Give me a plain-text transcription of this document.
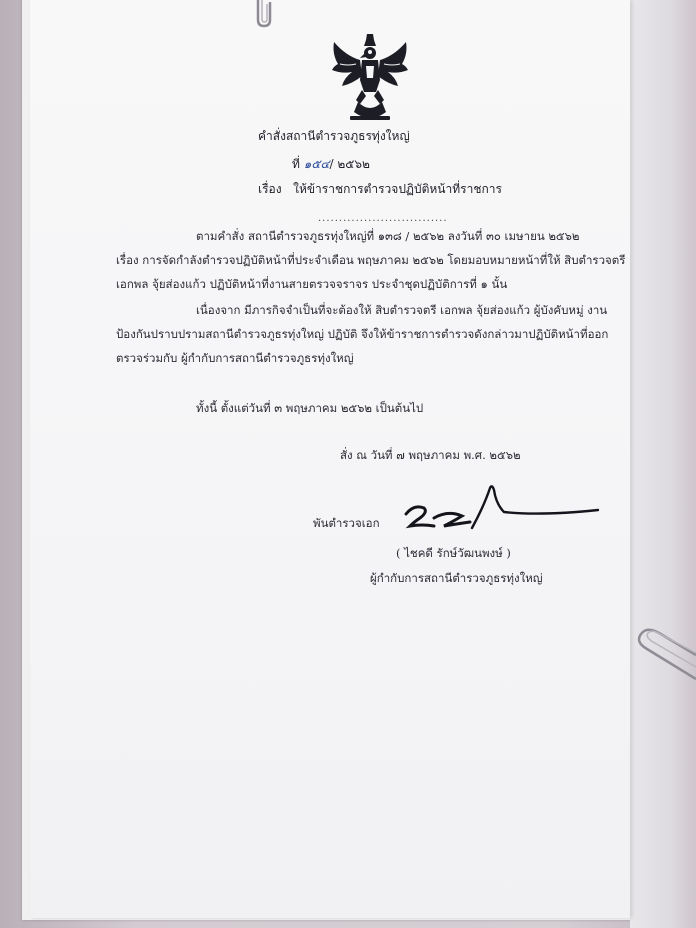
คำสั่งสถานีตำรวจภูธรทุ่งใหญ่
ที่ ๑๕๔/ ๒๕๖๒
เรื่อง ให้ข้าราชการตำรวจปฏิบัติหน้าที่ราชการ
...............................
ตามคำสั่ง สถานีตำรวจภูธรทุ่งใหญ่ที่ ๑๓๘ / ๒๕๖๒ ลงวันที่ ๓๐ เมษายน ๒๕๖๒
เรื่อง การจัดกำลังตำรวจปฏิบัติหน้าที่ประจำเดือน พฤษภาคม ๒๕๖๒ โดยมอบหมายหน้าที่ให้ สิบตำรวจตรี
เอกพล จุ้ยส่องแก้ว ปฏิบัติหน้าที่งานสายตรวจจราจร ประจำชุดปฏิบัติการที่ ๑ นั้น
เนื่องจาก มีภารกิจจำเป็นที่จะต้องให้ สิบตำรวจตรี เอกพล จุ้ยส่องแก้ว ผู้บังคับหมู่ งาน
ป้องกันปราบปรามสถานีตำรวจภูธรทุ่งใหญ่ ปฏิบัติ จึงให้ข้าราชการตำรวจดังกล่าวมาปฏิบัติหน้าที่ออก
ตรวจร่วมกับ ผู้กำกับการสถานีตำรวจภูธรทุ่งใหญ่
ทั้งนี้ ตั้งแต่วันที่ ๓ พฤษภาคม ๒๕๖๒ เป็นต้นไป
สั่ง ณ วันที่ ๗ พฤษภาคม พ.ศ. ๒๕๖๒
พันตำรวจเอก
( ไชคดี รักษ์วัฒนพงษ์ )
ผู้กำกับการสถานีตำรวจภูธรทุ่งใหญ่
